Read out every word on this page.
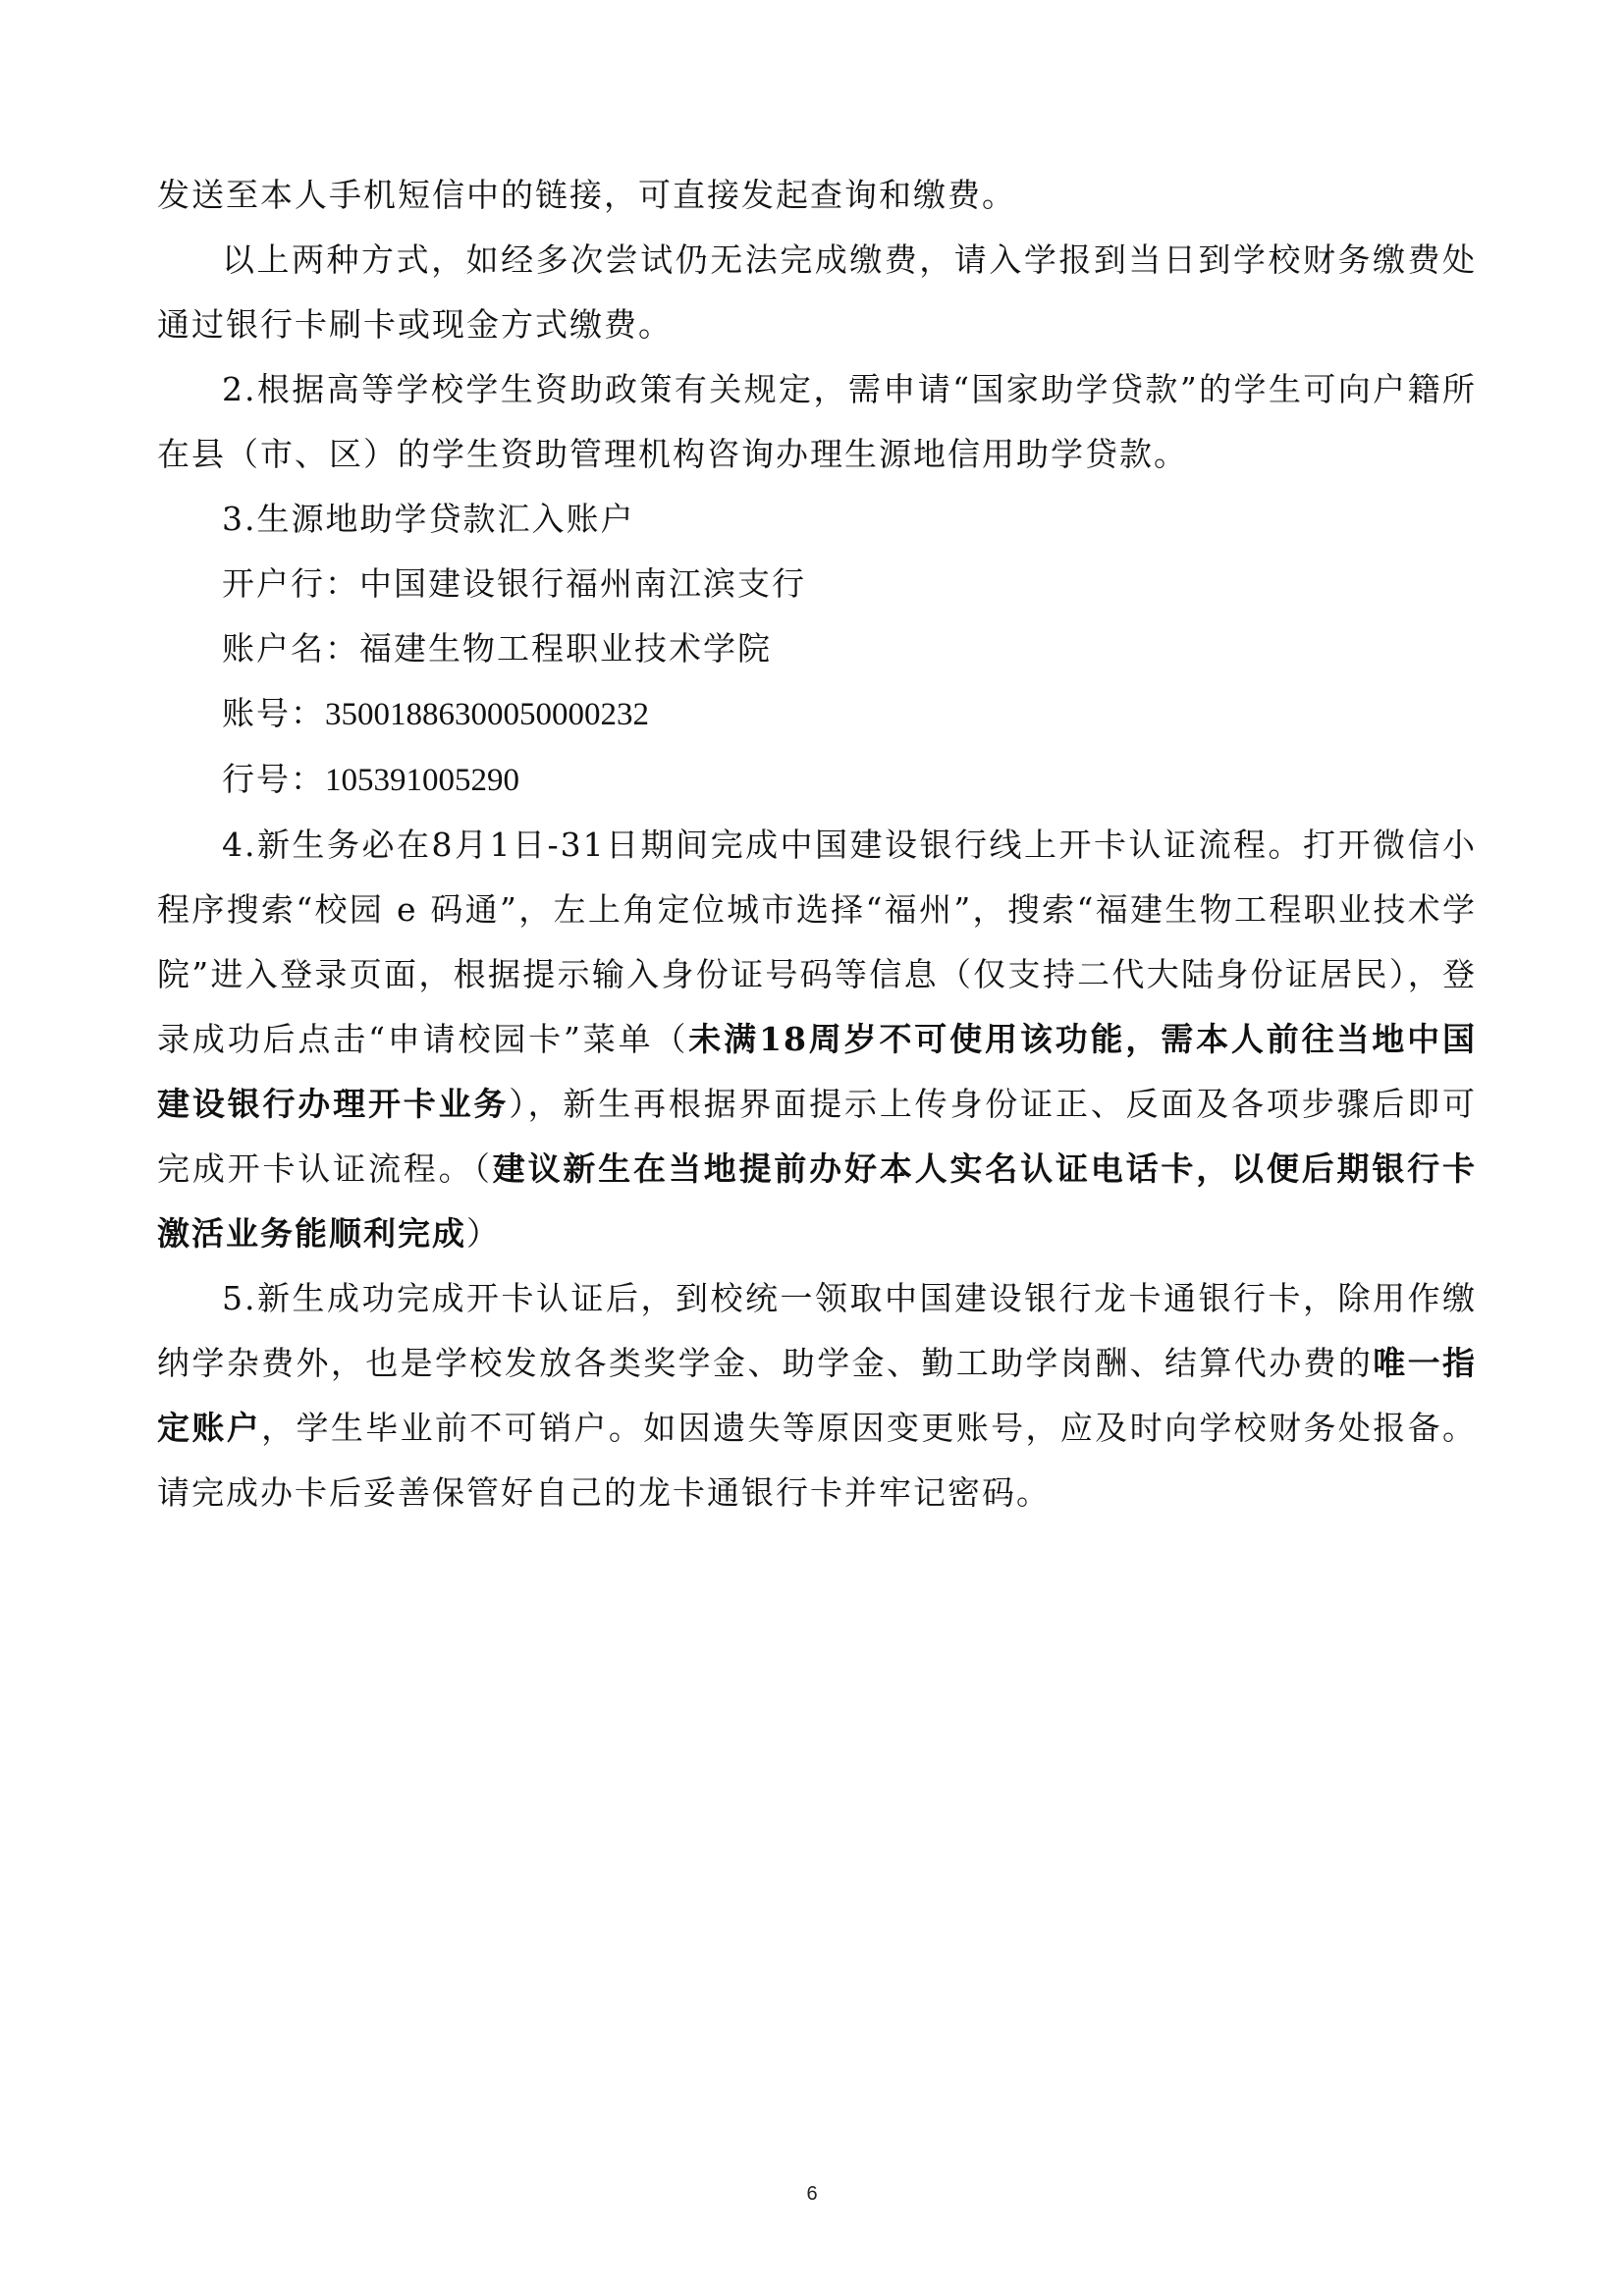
发送至本人手机短信中的链接，可直接发起查询和缴费。

以上两种方式，如经多次尝试仍无法完成缴费，请入学报到当日到学校财务缴费处通过银行卡刷卡或现金方式缴费。

2.根据高等学校学生资助政策有关规定，需申请“国家助学贷款”的学生可向户籍所在县（市、区）的学生资助管理机构咨询办理生源地信用助学贷款。

3.生源地助学贷款汇入账户

开户行：中国建设银行福州南江滨支行

账户名：福建生物工程职业技术学院

账号：35001886300050000232

行号：105391005290

4.新生务必在8月1日-31日期间完成中国建设银行线上开卡认证流程。打开微信小程序搜索“校园 e 码通”，左上角定位城市选择“福州”，搜索“福建生物工程职业技术学院”进入登录页面，根据提示输入身份证号码等信息（仅支持二代大陆身份证居民），登录成功后点击“申请校园卡”菜单（未满18周岁不可使用该功能，需本人前往当地中国建设银行办理开卡业务），新生再根据界面提示上传身份证正、反面及各项步骤后即可完成开卡认证流程。（建议新生在当地提前办好本人实名认证电话卡，以便后期银行卡激活业务能顺利完成）

5.新生成功完成开卡认证后，到校统一领取中国建设银行龙卡通银行卡，除用作缴纳学杂费外，也是学校发放各类奖学金、助学金、勤工助学岗酬、结算代办费的唯一指定账户，学生毕业前不可销户。如因遗失等原因变更账号，应及时向学校财务处报备。请完成办卡后妥善保管好自己的龙卡通银行卡并牢记密码。

6
